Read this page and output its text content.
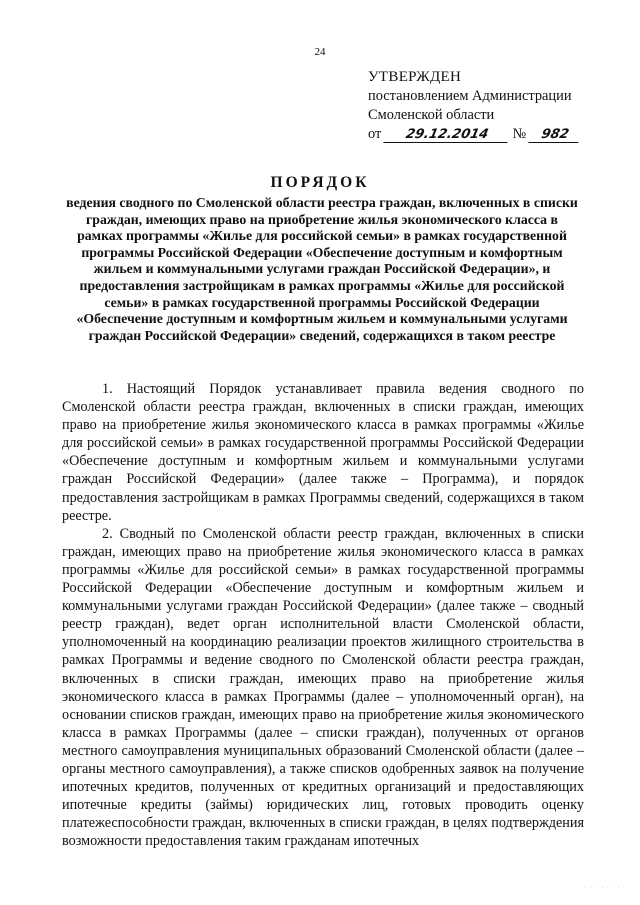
24
УТВЕРЖДЕН
постановлением Администрации
Смоленской области
от 29.12.2014 № 982
ПОРЯДОК

ведения сводного по Смоленской области реестра граждан, включенных в списки граждан, имеющих право на приобретение жилья экономического класса в рамках программы «Жилье для российской семьи» в рамках государственной программы Российской Федерации «Обеспечение доступным и комфортным жильем и коммунальными услугами граждан Российской Федерации», и предоставления застройщикам в рамках программы «Жилье для российской семьи» в рамках государственной программы Российской Федерации «Обеспечение доступным и комфортным жильем и коммунальными услугами граждан Российской Федерации» сведений, содержащихся в таком реестре

1. Настоящий Порядок устанавливает правила ведения сводного по Смоленской области реестра граждан, включенных в списки граждан, имеющих право на приобретение жилья экономического класса в рамках программы «Жилье для российской семьи» в рамках государственной программы Российской Федерации «Обеспечение доступным и комфортным жильем и коммунальными услугами граждан Российской Федерации» (далее также – Программа), и порядок предоставления застройщикам в рамках Программы сведений, содержащихся в таком реестре.

2. Сводный по Смоленской области реестр граждан, включенных в списки граждан, имеющих право на приобретение жилья экономического класса в рамках программы «Жилье для российской семьи» в рамках государственной программы Российской Федерации «Обеспечение доступным и комфортным жильем и коммунальными услугами граждан Российской Федерации» (далее также – сводный реестр граждан), ведет орган исполнительной власти Смоленской области, уполномоченный на координацию реализации проектов жилищного строительства в рамках Программы и ведение сводного по Смоленской области реестра граждан, включенных в списки граждан, имеющих право на приобретение жилья экономического класса в рамках Программы (далее – уполномоченный орган), на основании списков граждан, имеющих право на приобретение жилья экономического класса в рамках Программы (далее – списки граждан), полученных от органов местного самоуправления муниципальных образований Смоленской области (далее – органы местного самоуправления), а также списков одобренных заявок на получение ипотечных кредитов, полученных от кредитных организаций и предоставляющих ипотечные кредиты (займы) юридических лиц, готовых проводить оценку платежеспособности граждан, включенных в списки граждан, в целях подтверждения возможности предоставления таким гражданам ипотечных

· · · · · · · ·
